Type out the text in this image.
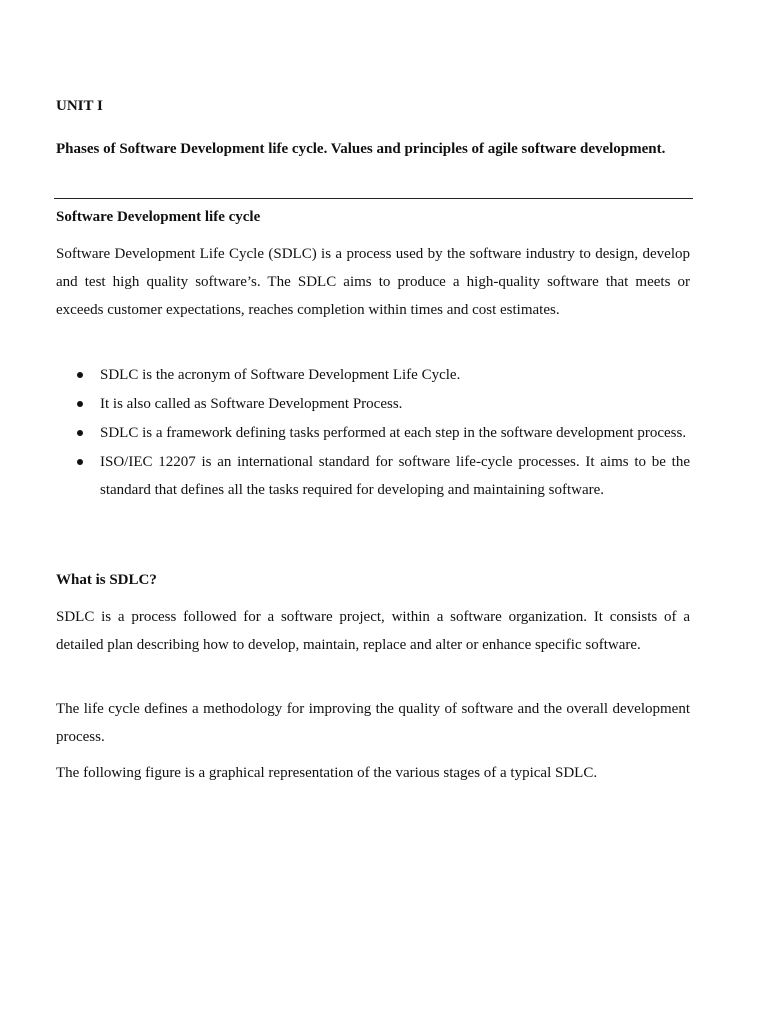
UNIT I
Phases of Software Development life cycle. Values and principles of agile software development.
Software Development life cycle

Software Development Life Cycle (SDLC) is a process used by the software industry to design, develop and test high quality software’s. The SDLC aims to produce a high-quality software that meets or exceeds customer expectations, reaches completion within times and cost estimates.

SDLC is the acronym of Software Development Life Cycle.
It is also called as Software Development Process.
SDLC is a framework defining tasks performed at each step in the software development process.
ISO/IEC 12207 is an international standard for software life-cycle processes. It aims to be the standard that defines all the tasks required for developing and maintaining software.
What is SDLC?

SDLC is a process followed for a software project, within a software organization. It consists of a detailed plan describing how to develop, maintain, replace and alter or enhance specific software.

The life cycle defines a methodology for improving the quality of software and the overall development process.

The following figure is a graphical representation of the various stages of a typical SDLC.
